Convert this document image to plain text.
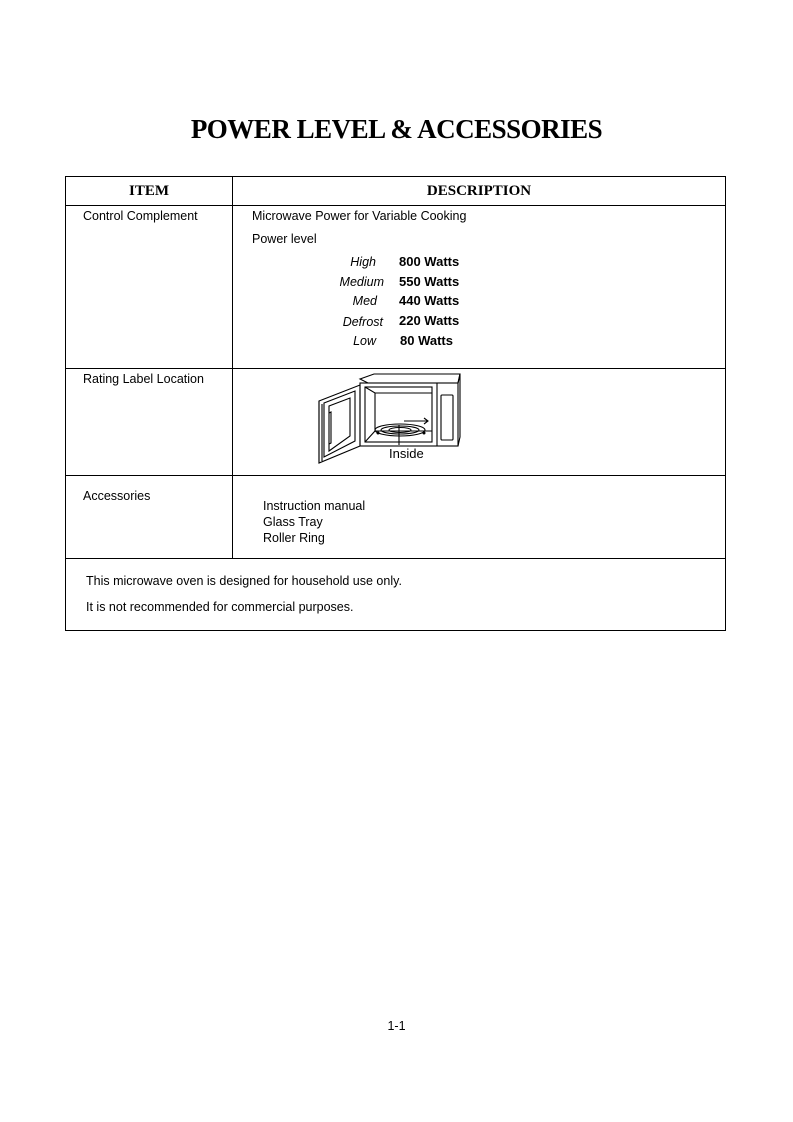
POWER LEVEL & ACCESSORIES
ITEM	DESCRIPTION
Control Complement	Microwave Power for Variable Cooking
Power level
High 800 Watts
Medium 550 Watts
Med 440 Watts
Defrost 220 Watts
Low 80 Watts
Rating Label Location
Inside
Accessories
Instruction manual
Glass Tray
Roller Ring
This microwave oven is designed for household use only.
It is not recommended for commercial purposes.
1-1
